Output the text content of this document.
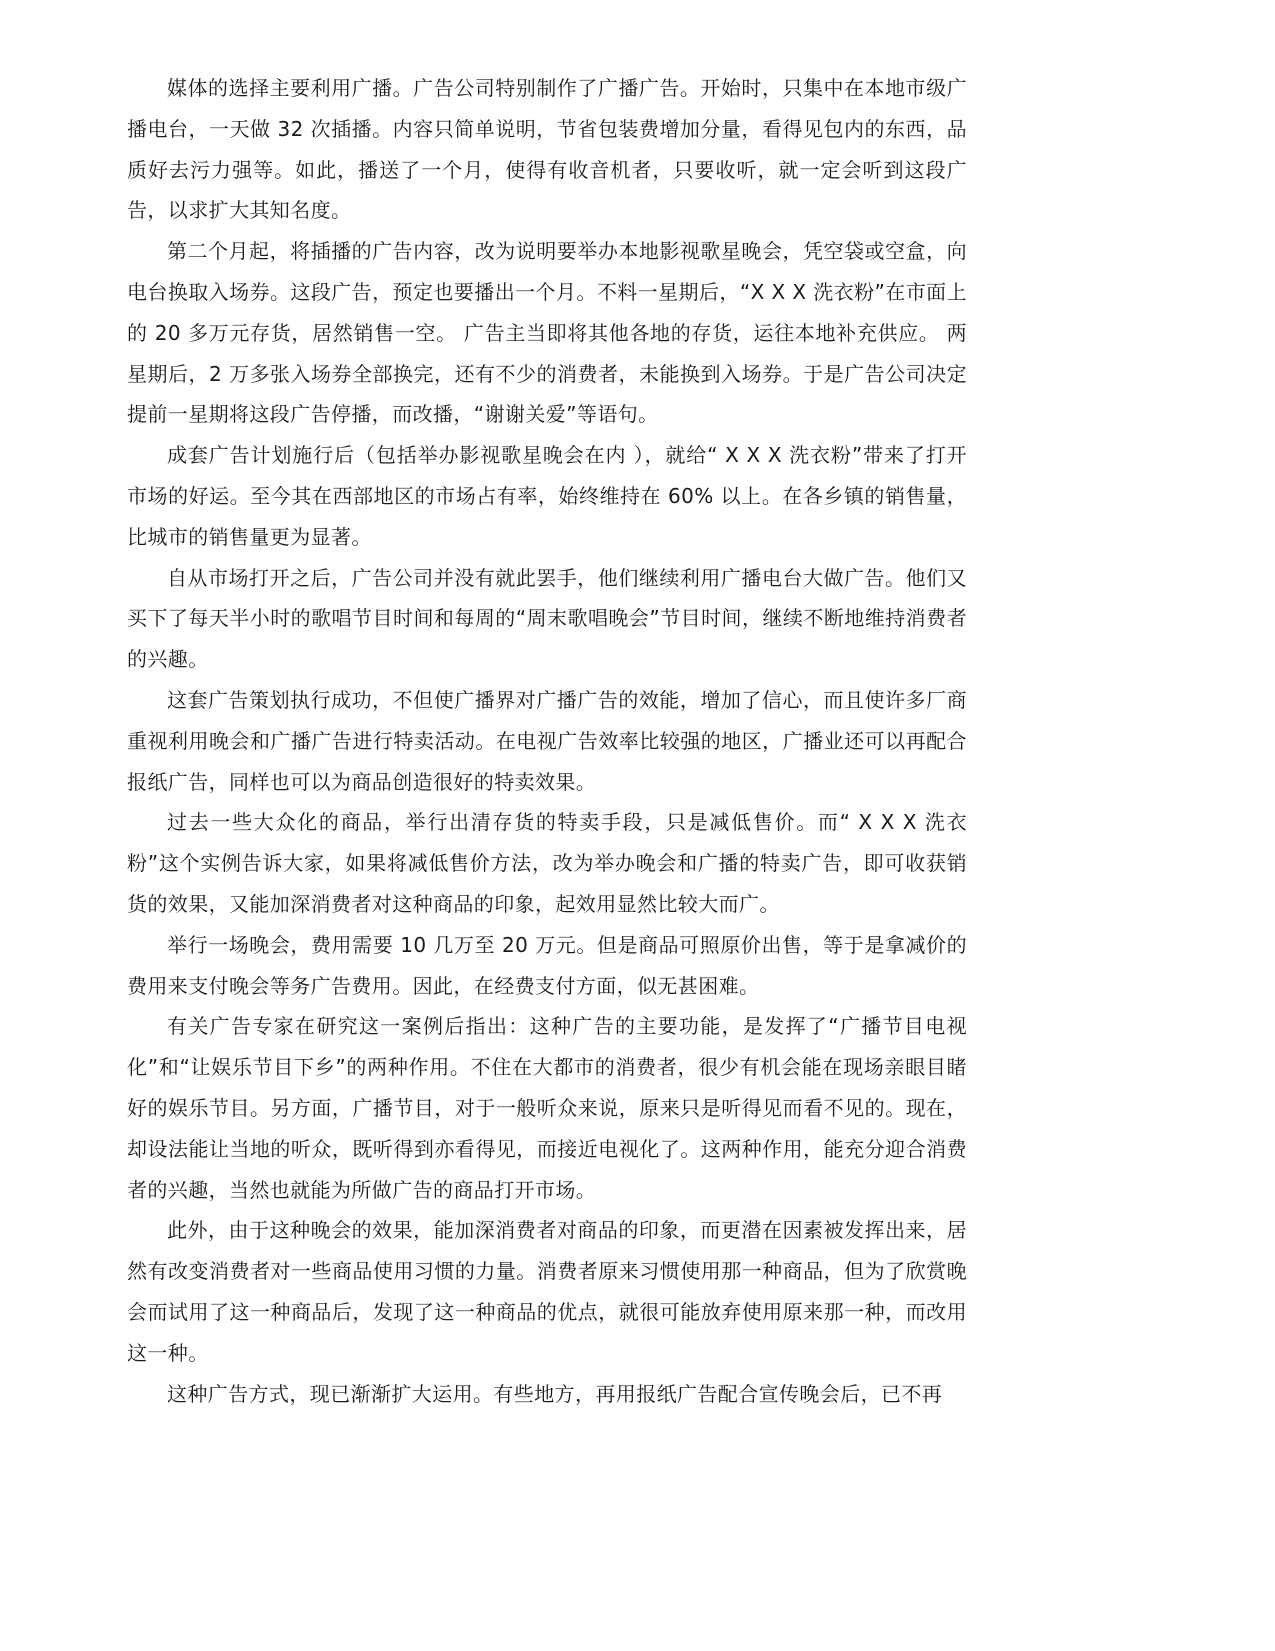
媒体的选择主要利用广播。广告公司特别制作了广播广告。开始时，只集中在本地市级广播电台，一天做 32 次插播。内容只简单说明，节省包装费增加分量，看得见包内的东西，品质好去污力强等。如此，播送了一个月，使得有收音机者，只要收听，就一定会听到这段广告，以求扩大其知名度。

第二个月起，将插播的广告内容，改为说明要举办本地影视歌星晚会，凭空袋或空盒，向电台换取入场券。这段广告，预定也要播出一个月。不料一星期后，“X X X 洗衣粉”在市面上的 20 多万元存货，居然销售一空。 广告主当即将其他各地的存货，运往本地补充供应。 两星期后，2 万多张入场券全部换完，还有不少的消费者，未能换到入场券。于是广告公司决定提前一星期将这段广告停播，而改播，“谢谢关爱”等语句。

成套广告计划施行后（包括举办影视歌星晚会在内 ），就给“ X X X 洗衣粉”带来了打开市场的好运。至今其在西部地区的市场占有率，始终维持在 60% 以上。在各乡镇的销售量，比城市的销售量更为显著。

自从市场打开之后，广告公司并没有就此罢手，他们继续利用广播电台大做广告。他们又买下了每天半小时的歌唱节目时间和每周的“周末歌唱晚会”节目时间，继续不断地维持消费者的兴趣。

这套广告策划执行成功，不但使广播界对广播广告的效能，增加了信心，而且使许多厂商重视利用晚会和广播广告进行特卖活动。在电视广告效率比较强的地区，广播业还可以再配合报纸广告，同样也可以为商品创造很好的特卖效果。

过去一些大众化的商品，举行出清存货的特卖手段，只是减低售价。而“ X X X 洗衣粉”这个实例告诉大家，如果将减低售价方法，改为举办晚会和广播的特卖广告，即可收获销货的效果，又能加深消费者对这种商品的印象，起效用显然比较大而广。

举行一场晚会，费用需要 10 几万至 20 万元。但是商品可照原价出售，等于是拿减价的费用来支付晚会等务广告费用。因此，在经费支付方面，似无甚困难。

有关广告专家在研究这一案例后指出：这种广告的主要功能，是发挥了“广播节目电视化”和“让娱乐节目下乡”的两种作用。不住在大都市的消费者，很少有机会能在现场亲眼目睹好的娱乐节目。另方面，广播节目，对于一般听众来说，原来只是听得见而看不见的。现在，却设法能让当地的听众，既听得到亦看得见，而接近电视化了。这两种作用，能充分迎合消费者的兴趣，当然也就能为所做广告的商品打开市场。

此外，由于这种晚会的效果，能加深消费者对商品的印象，而更潜在因素被发挥出来，居然有改变消费者对一些商品使用习惯的力量。消费者原来习惯使用那一种商品，但为了欣赏晚会而试用了这一种商品后，发现了这一种商品的优点，就很可能放弃使用原来那一种，而改用这一种。

这种广告方式，现已渐渐扩大运用。有些地方，再用报纸广告配合宣传晚会后，已不再
